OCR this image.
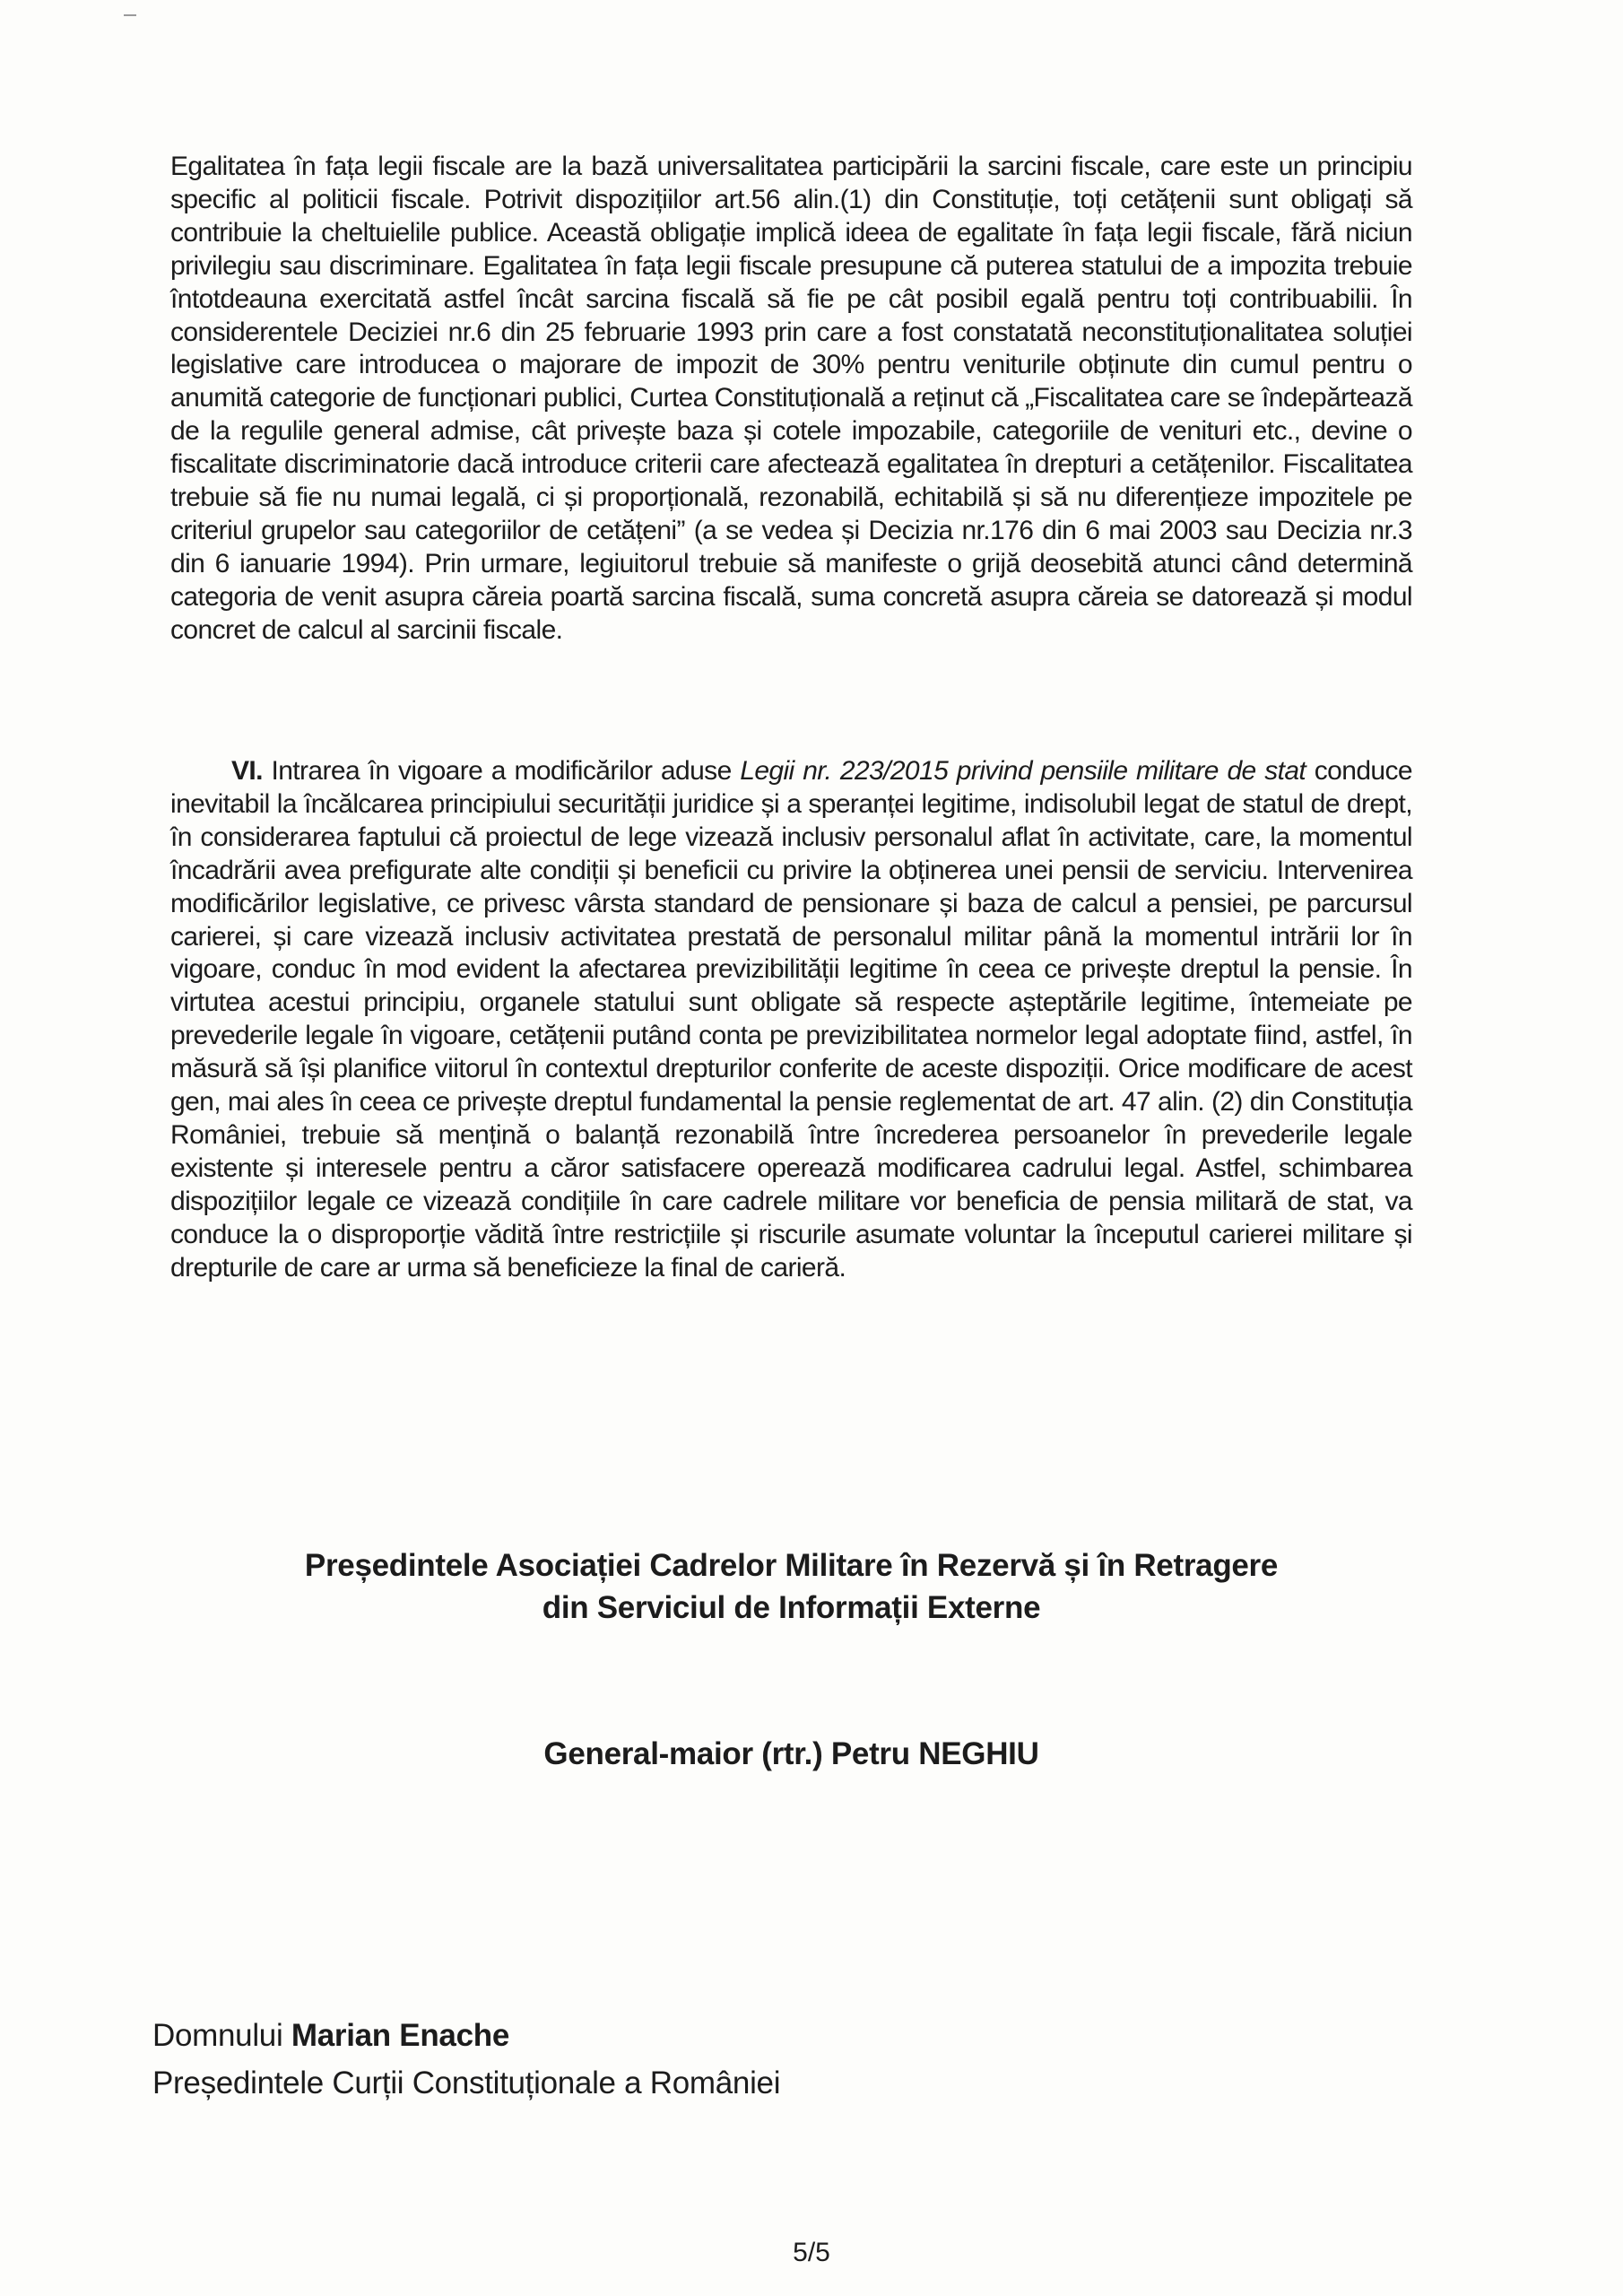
Egalitatea în fața legii fiscale are la bază universalitatea participării la sarcini fiscale, care este un principiu specific al politicii fiscale. Potrivit dispozițiilor art.56 alin.(1) din Constituție, toți cetățenii sunt obligați să contribuie la cheltuielile publice. Această obligație implică ideea de egalitate în fața legii fiscale, fără niciun privilegiu sau discriminare. Egalitatea în fața legii fiscale presupune că puterea statului de a impozita trebuie întotdeauna exercitată astfel încât sarcina fiscală să fie pe cât posibil egală pentru toți contribuabilii. În considerentele Deciziei nr.6 din 25 februarie 1993 prin care a fost constatată neconstituționalitatea soluției legislative care introducea o majorare de impozit de 30% pentru veniturile obținute din cumul pentru o anumită categorie de funcționari publici, Curtea Constituțională a reținut că „Fiscalitatea care se îndepărtează de la regulile general admise, cât privește baza și cotele impozabile, categoriile de venituri etc., devine o fiscalitate discriminatorie dacă introduce criterii care afectează egalitatea în drepturi a cetățenilor. Fiscalitatea trebuie să fie nu numai legală, ci și proporțională, rezonabilă, echitabilă și să nu diferențieze impozitele pe criteriul grupelor sau categoriilor de cetățeni” (a se vedea și Decizia nr.176 din 6 mai 2003 sau Decizia nr.3 din 6 ianuarie 1994). Prin urmare, legiuitorul trebuie să manifeste o grijă deosebită atunci când determină categoria de venit asupra căreia poartă sarcina fiscală, suma concretă asupra căreia se datorează și modul concret de calcul al sarcinii fiscale.
VI. Intrarea în vigoare a modificărilor aduse Legii nr. 223/2015 privind pensiile militare de stat conduce inevitabil la încălcarea principiului securității juridice și a speranței legitime, indisolubil legat de statul de drept, în considerarea faptului că proiectul de lege vizează inclusiv personalul aflat în activitate, care, la momentul încadrării avea prefigurate alte condiții și beneficii cu privire la obținerea unei pensii de serviciu. Intervenirea modificărilor legislative, ce privesc vârsta standard de pensionare și baza de calcul a pensiei, pe parcursul carierei, și care vizează inclusiv activitatea prestată de personalul militar până la momentul intrării lor în vigoare, conduc în mod evident la afectarea previzibilității legitime în ceea ce privește dreptul la pensie. În virtutea acestui principiu, organele statului sunt obligate să respecte așteptările legitime, întemeiate pe prevederile legale în vigoare, cetățenii putând conta pe previzibilitatea normelor legal adoptate fiind, astfel, în măsură să își planifice viitorul în contextul drepturilor conferite de aceste dispoziții. Orice modificare de acest gen, mai ales în ceea ce privește dreptul fundamental la pensie reglementat de art. 47 alin. (2) din Constituția României, trebuie să mențină o balanță rezonabilă între încrederea persoanelor în prevederile legale existente și interesele pentru a căror satisfacere operează modificarea cadrului legal. Astfel, schimbarea dispozițiilor legale ce vizează condițiile în care cadrele militare vor beneficia de pensia militară de stat, va conduce la o disproporție vădită între restricțiile și riscurile asumate voluntar la începutul carierei militare și drepturile de care ar urma să beneficieze la final de carieră.
Președintele Asociației Cadrelor Militare în Rezervă și în Retragere
din Serviciul de Informații Externe
General-maior (rtr.) Petru NEGHIU
Domnului Marian Enache
Președintele Curții Constituționale a României
5/5
